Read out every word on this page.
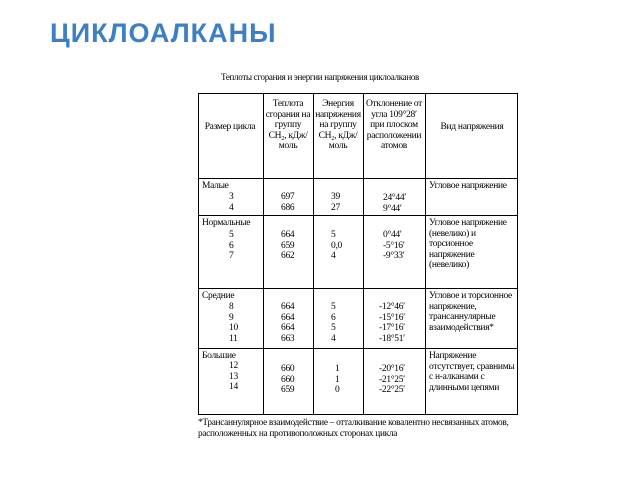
ЦИКЛОАЛКАНЫ
Теплоты сгорания и энергии напряжения циклоалканов
Размер цикла
Теплота сгорания на группу СН₂, кДж/моль
Энергия напряжения на группу СН₂, кДж/моль
Отклонение от угла 109°28′ при плоском расположении атомов
Вид напряжения
Малые
3
4
697
686
39
27
24°44′
9°44′
Угловое напряжение
Нормальные
5
6
7
664
659
662
5
0,0
4
0°44′
-5°16′
-9°33′
Угловое напряжение (невелико) и торсионное напряжение (невелико)
Средние
8
9
10
11
664
664
664
663
5
6
5
4
-12°46′
-15°16′
-17°16′
-18°51′
Угловое и торсионное напряжение, трансаннулярные взаимодействия*
Большие
12
13
14
660
660
659
1
1
0
-20°16′
-21°25′
-22°25′
Напряжение отсутствует, сравнимы с н-алканами с длинными цепями
*Трансаннулярное взаимодействие – отталкивание ковалентно несвязанных атомов, расположенных на противоположных сторонах цикла
